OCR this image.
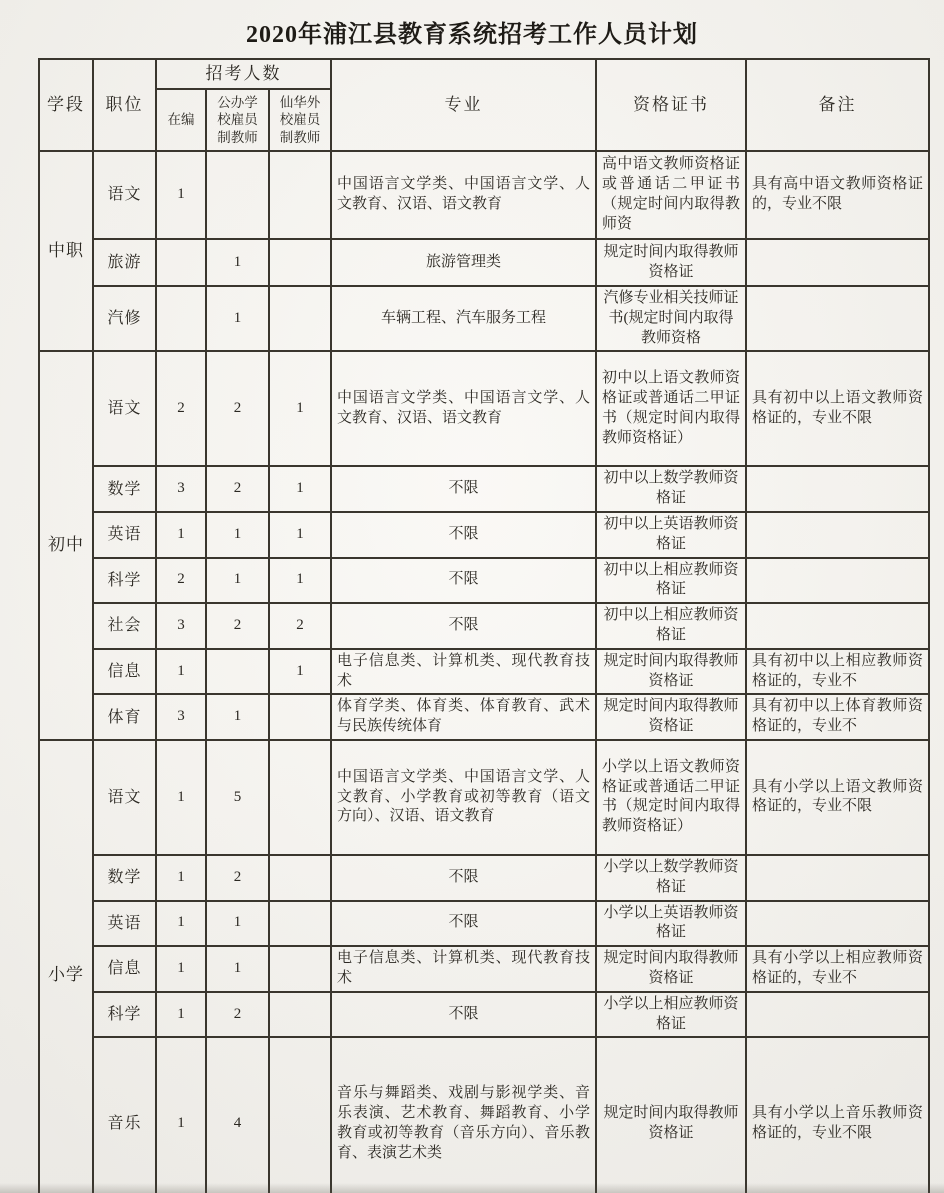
2020年浦江县教育系统招考工作人员计划
学段	职位	招考人数			专业	资格证书	备注
		在编	公办学校雇员制教师	仙华外校雇员制教师			
中职	语文	1			中国语言文学类、中国语言文学、人文教育、汉语、语文教育	高中语文教师资格证或普通话二甲证书（规定时间内取得教师资	具有高中语文教师资格证的，专业不限
	旅游		1		旅游管理类	规定时间内取得教师资格证	
	汽修		1		车辆工程、汽车服务工程	汽修专业相关技师证书(规定时间内取得教师资格	
初中	语文	2	2	1	中国语言文学类、中国语言文学、人文教育、汉语、语文教育	初中以上语文教师资格证或普通话二甲证书（规定时间内取得教师资格证）	具有初中以上语文教师资格证的，专业不限
	数学	3	2	1	不限	初中以上数学教师资格证	
	英语	1	1	1	不限	初中以上英语教师资格证	
	科学	2	1	1	不限	初中以上相应教师资格证	
	社会	3	2	2	不限	初中以上相应教师资格证	
	信息	1		1	电子信息类、计算机类、现代教育技术	规定时间内取得教师资格证	具有初中以上相应教师资格证的，专业不
	体育	3	1		体育学类、体育类、体育教育、武术与民族传统体育	规定时间内取得教师资格证	具有初中以上体育教师资格证的，专业不
小学	语文	1	5		中国语言文学类、中国语言文学、人文教育、小学教育或初等教育（语文方向）、汉语、语文教育	小学以上语文教师资格证或普通话二甲证书（规定时间内取得教师资格证）	具有小学以上语文教师资格证的，专业不限
	数学	1	2		不限	小学以上数学教师资格证	
	英语	1	1		不限	小学以上英语教师资格证	
	信息	1	1		电子信息类、计算机类、现代教育技术	规定时间内取得教师资格证	具有小学以上相应教师资格证的，专业不
	科学	1	2		不限	小学以上相应教师资格证	
	音乐	1	4		音乐与舞蹈类、戏剧与影视学类、音乐表演、艺术教育、舞蹈教育、小学教育或初等教育（音乐方向）、音乐教育、表演艺术类	规定时间内取得教师资格证	具有小学以上音乐教师资格证的，专业不限
